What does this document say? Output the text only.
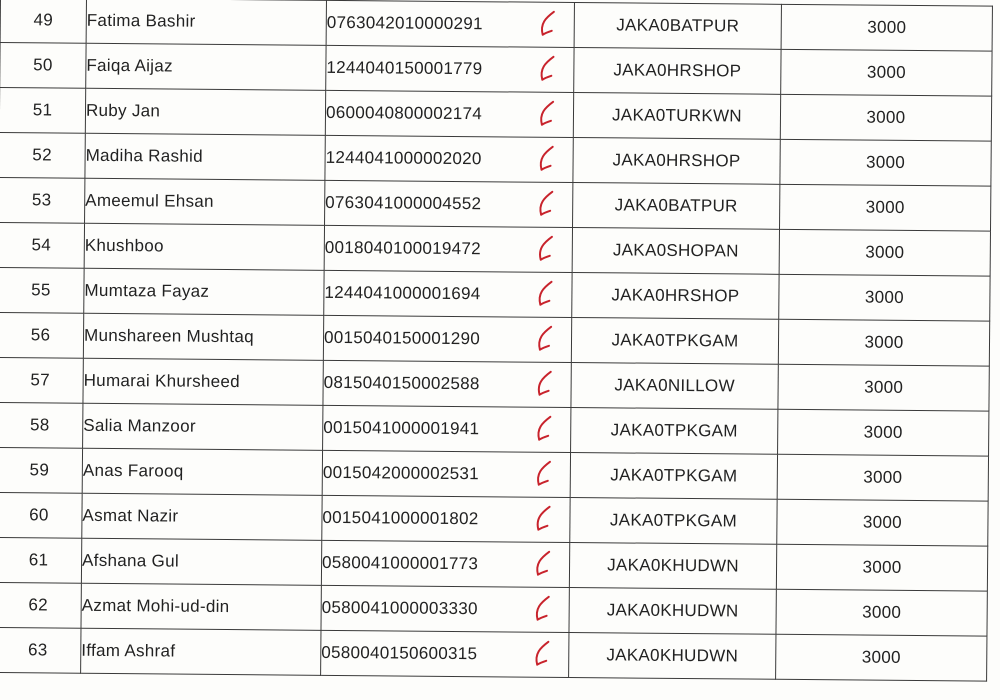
49	Fatima Bashir	0763042010000291	JAKA0BATPUR	3000
50	Faiqa Aijaz	1244040150001779	JAKA0HRSHOP	3000
51	Ruby Jan	0600040800002174	JAKA0TURKWN	3000
52	Madiha Rashid	1244041000002020	JAKA0HRSHOP	3000
53	Ameemul Ehsan	0763041000004552	JAKA0BATPUR	3000
54	Khushboo	0018040100019472	JAKA0SHOPAN	3000
55	Mumtaza Fayaz	1244041000001694	JAKA0HRSHOP	3000
56	Munshareen Mushtaq	0015040150001290	JAKA0TPKGAM	3000
57	Humarai Khursheed	0815040150002588	JAKA0NILLOW	3000
58	Salia Manzoor	0015041000001941	JAKA0TPKGAM	3000
59	Anas Farooq	0015042000002531	JAKA0TPKGAM	3000
60	Asmat Nazir	0015041000001802	JAKA0TPKGAM	3000
61	Afshana Gul	0580041000001773	JAKA0KHUDWN	3000
62	Azmat Mohi-ud-din	0580041000003330	JAKA0KHUDWN	3000
63	Iffam Ashraf	0580040150600315	JAKA0KHUDWN	3000
